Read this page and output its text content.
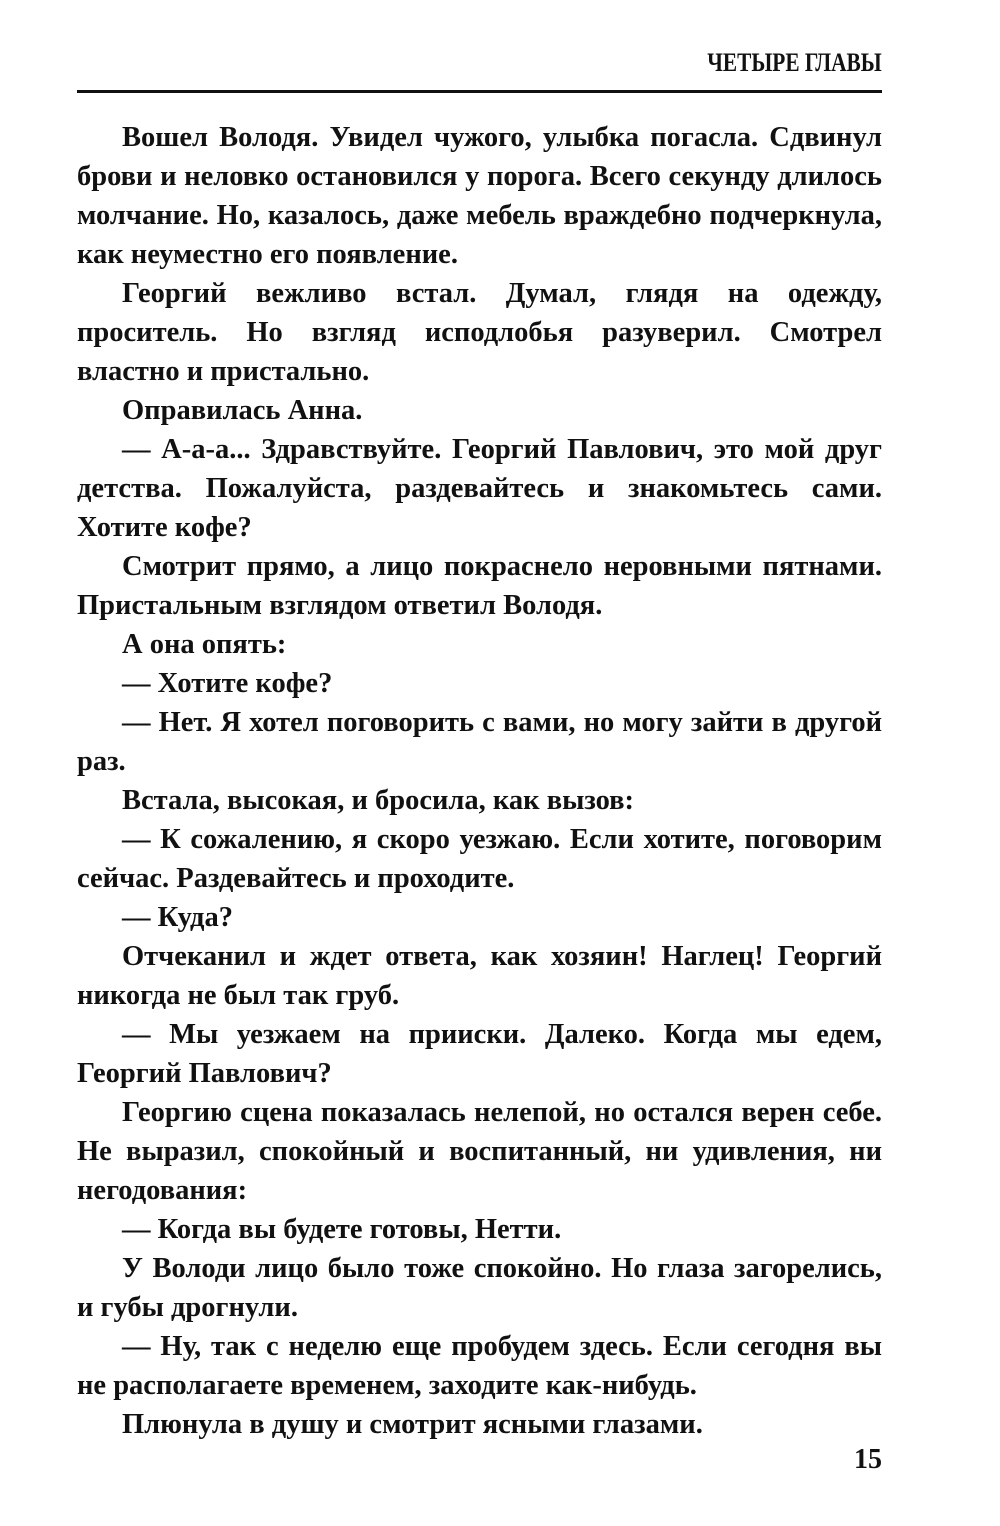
ЧЕТЫРЕ ГЛАВЫ

Вошел Володя. Увидел чужого, улыбка погасла. Сдвинул брови и неловко остановился у порога. Всего секунду длилось молчание. Но, казалось, даже мебель враждебно подчеркнула, как неуместно его появление.

Георгий вежливо встал. Думал, глядя на одежду, проситель. Но взгляд исподлобья разуверил. Смотрел властно и пристально.

Оправилась Анна.

— А-а-а... Здравствуйте. Георгий Павлович, это мой друг детства. Пожалуйста, раздевайтесь и знакомьтесь сами. Хотите кофе?

Смотрит прямо, а лицо покраснело неровными пятнами. Пристальным взглядом ответил Володя.

А она опять:

— Хотите кофе?

— Нет. Я хотел поговорить с вами, но могу зайти в другой раз.

Встала, высокая, и бросила, как вызов:

— К сожалению, я скоро уезжаю. Если хотите, поговорим сейчас. Раздевайтесь и проходите.

— Куда?

Отчеканил и ждет ответа, как хозяин! Наглец! Георгий никогда не был так груб.

— Мы уезжаем на прииски. Далеко. Когда мы едем, Георгий Павлович?

Георгию сцена показалась нелепой, но остался верен себе. Не выразил, спокойный и воспитанный, ни удивления, ни негодования:

— Когда вы будете готовы, Нетти.

У Володи лицо было тоже спокойно. Но глаза загорелись, и губы дрогнули.

— Ну, так с неделю еще пробудем здесь. Если сегодня вы не располагаете временем, заходите как-нибудь.

Плюнула в душу и смотрит ясными глазами.

15
